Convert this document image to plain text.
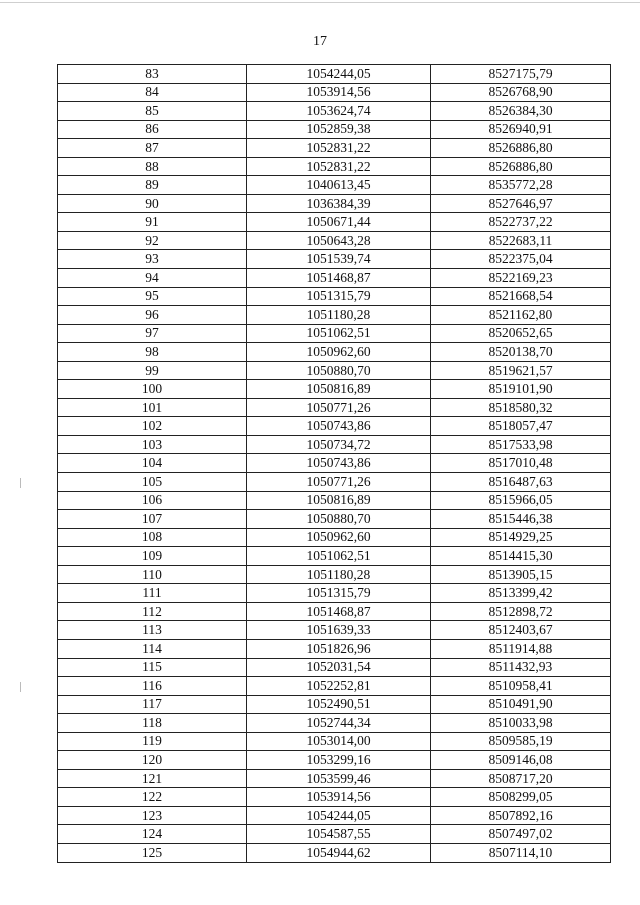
17
83	1054244,05	8527175,79
84	1053914,56	8526768,90
85	1053624,74	8526384,30
86	1052859,38	8526940,91
87	1052831,22	8526886,80
88	1052831,22	8526886,80
89	1040613,45	8535772,28
90	1036384,39	8527646,97
91	1050671,44	8522737,22
92	1050643,28	8522683,11
93	1051539,74	8522375,04
94	1051468,87	8522169,23
95	1051315,79	8521668,54
96	1051180,28	8521162,80
97	1051062,51	8520652,65
98	1050962,60	8520138,70
99	1050880,70	8519621,57
100	1050816,89	8519101,90
101	1050771,26	8518580,32
102	1050743,86	8518057,47
103	1050734,72	8517533,98
104	1050743,86	8517010,48
105	1050771,26	8516487,63
106	1050816,89	8515966,05
107	1050880,70	8515446,38
108	1050962,60	8514929,25
109	1051062,51	8514415,30
110	1051180,28	8513905,15
111	1051315,79	8513399,42
112	1051468,87	8512898,72
113	1051639,33	8512403,67
114	1051826,96	8511914,88
115	1052031,54	8511432,93
116	1052252,81	8510958,41
117	1052490,51	8510491,90
118	1052744,34	8510033,98
119	1053014,00	8509585,19
120	1053299,16	8509146,08
121	1053599,46	8508717,20
122	1053914,56	8508299,05
123	1054244,05	8507892,16
124	1054587,55	8507497,02
125	1054944,62	8507114,10
